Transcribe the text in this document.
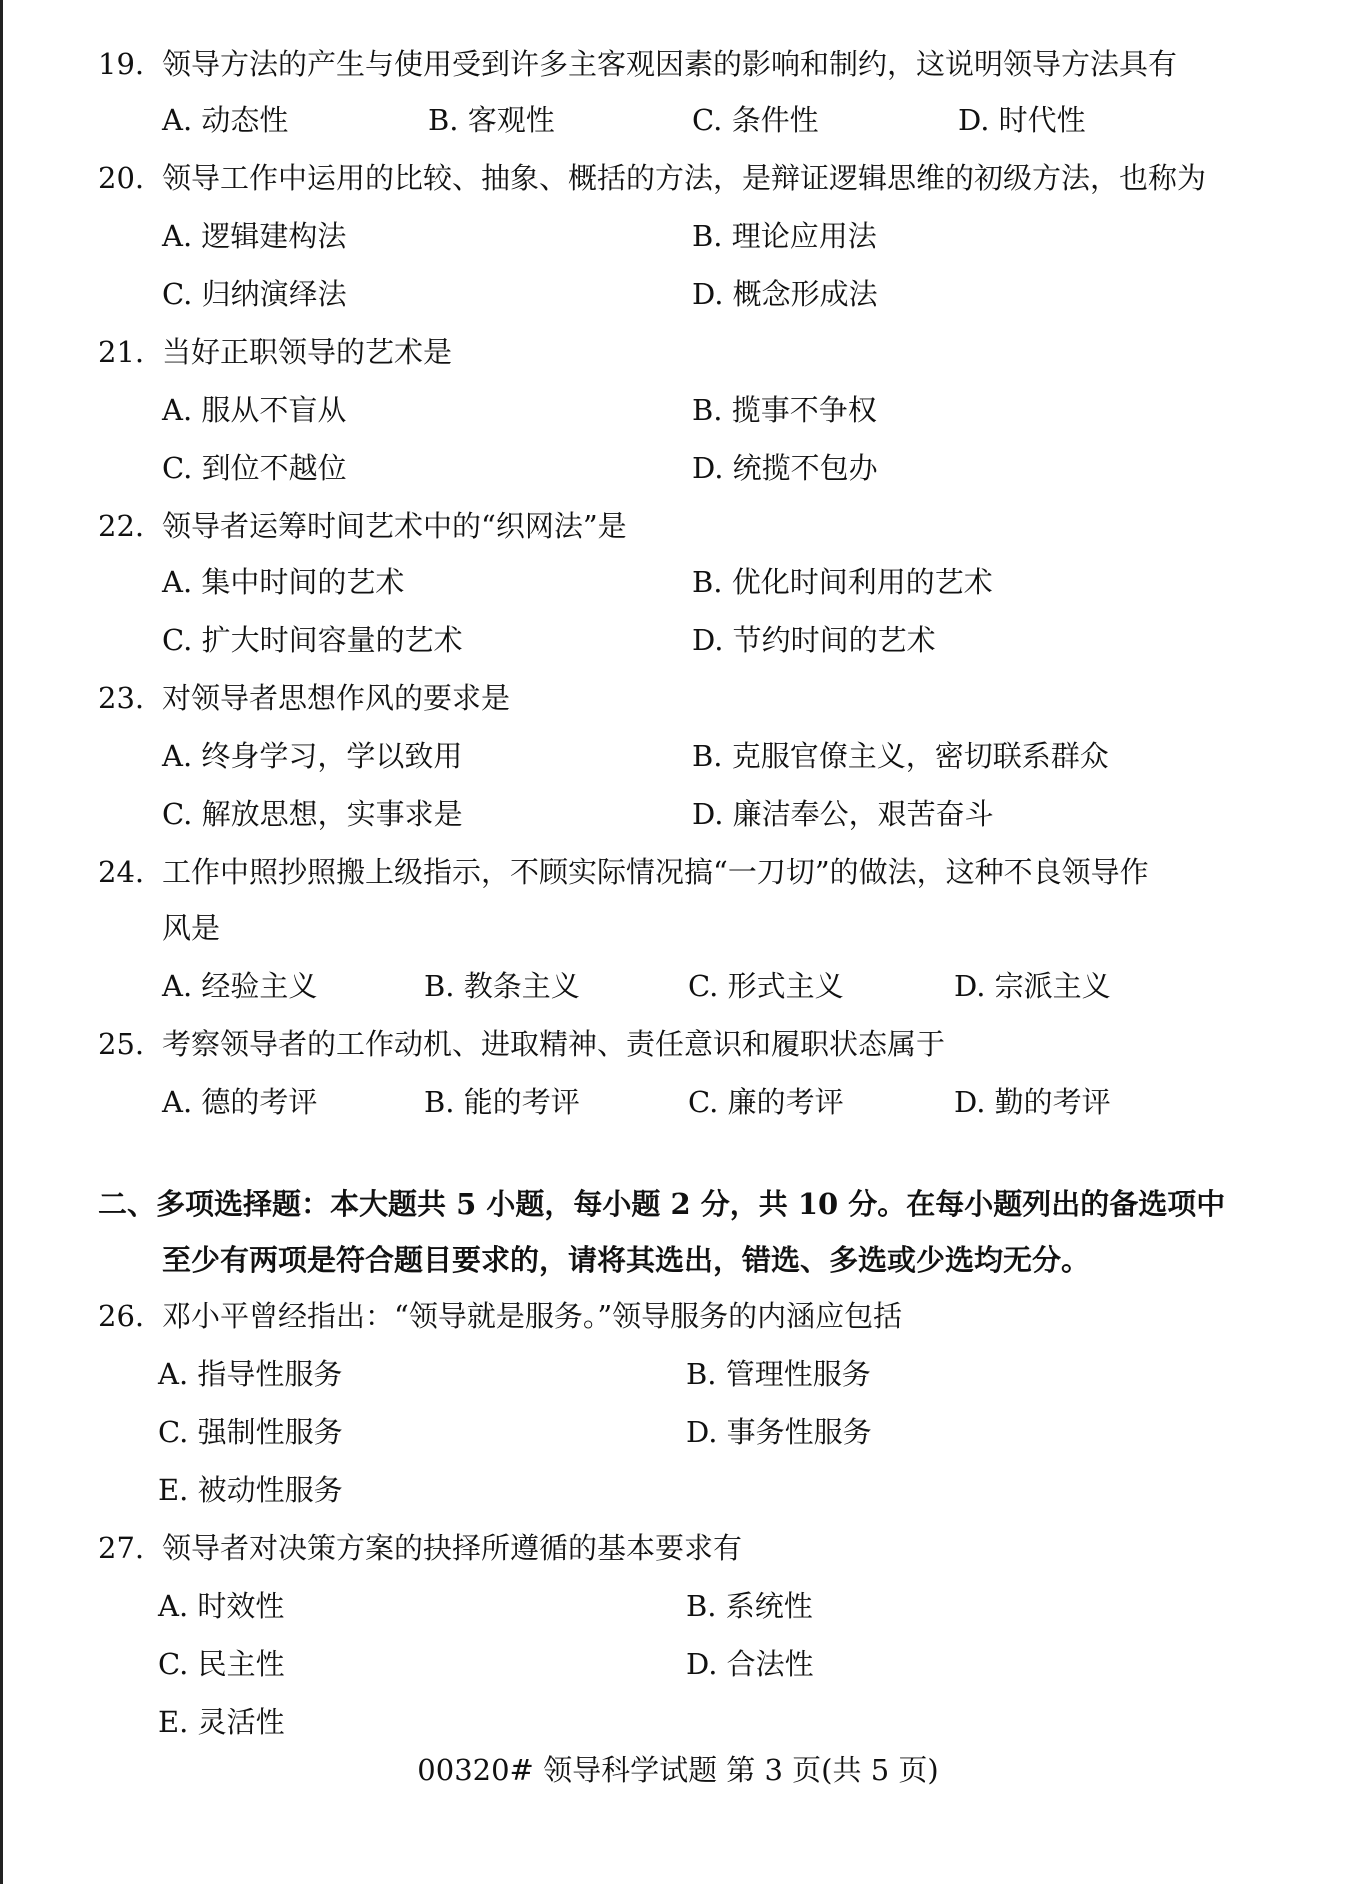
19. 领导方法的产生与使用受到许多主客观因素的影响和制约，这说明领导方法具有
A. 动态性	B. 客观性	C. 条件性	D. 时代性
20. 领导工作中运用的比较、抽象、概括的方法，是辩证逻辑思维的初级方法，也称为
A. 逻辑建构法	B. 理论应用法
C. 归纳演绎法	D. 概念形成法
21. 当好正职领导的艺术是
A. 服从不盲从	B. 揽事不争权
C. 到位不越位	D. 统揽不包办
22. 领导者运筹时间艺术中的“织网法”是
A. 集中时间的艺术	B. 优化时间利用的艺术
C. 扩大时间容量的艺术	D. 节约时间的艺术
23. 对领导者思想作风的要求是
A. 终身学习，学以致用	B. 克服官僚主义，密切联系群众
C. 解放思想，实事求是	D. 廉洁奉公，艰苦奋斗
24. 工作中照抄照搬上级指示，不顾实际情况搞“一刀切”的做法，这种不良领导作
风是
A. 经验主义	B. 教条主义	C. 形式主义	D. 宗派主义
25. 考察领导者的工作动机、进取精神、责任意识和履职状态属于
A. 德的考评	B. 能的考评	C. 廉的考评	D. 勤的考评
二、多项选择题：本大题共 5 小题，每小题 2 分，共 10 分。在每小题列出的备选项中
至少有两项是符合题目要求的，请将其选出，错选、多选或少选均无分。
26. 邓小平曾经指出：“领导就是服务。”领导服务的内涵应包括
A. 指导性服务	B. 管理性服务
C. 强制性服务	D. 事务性服务
E. 被动性服务
27. 领导者对决策方案的抉择所遵循的基本要求有
A. 时效性	B. 系统性
C. 民主性	D. 合法性
E. 灵活性
00320# 领导科学试题 第 3 页(共 5 页)
